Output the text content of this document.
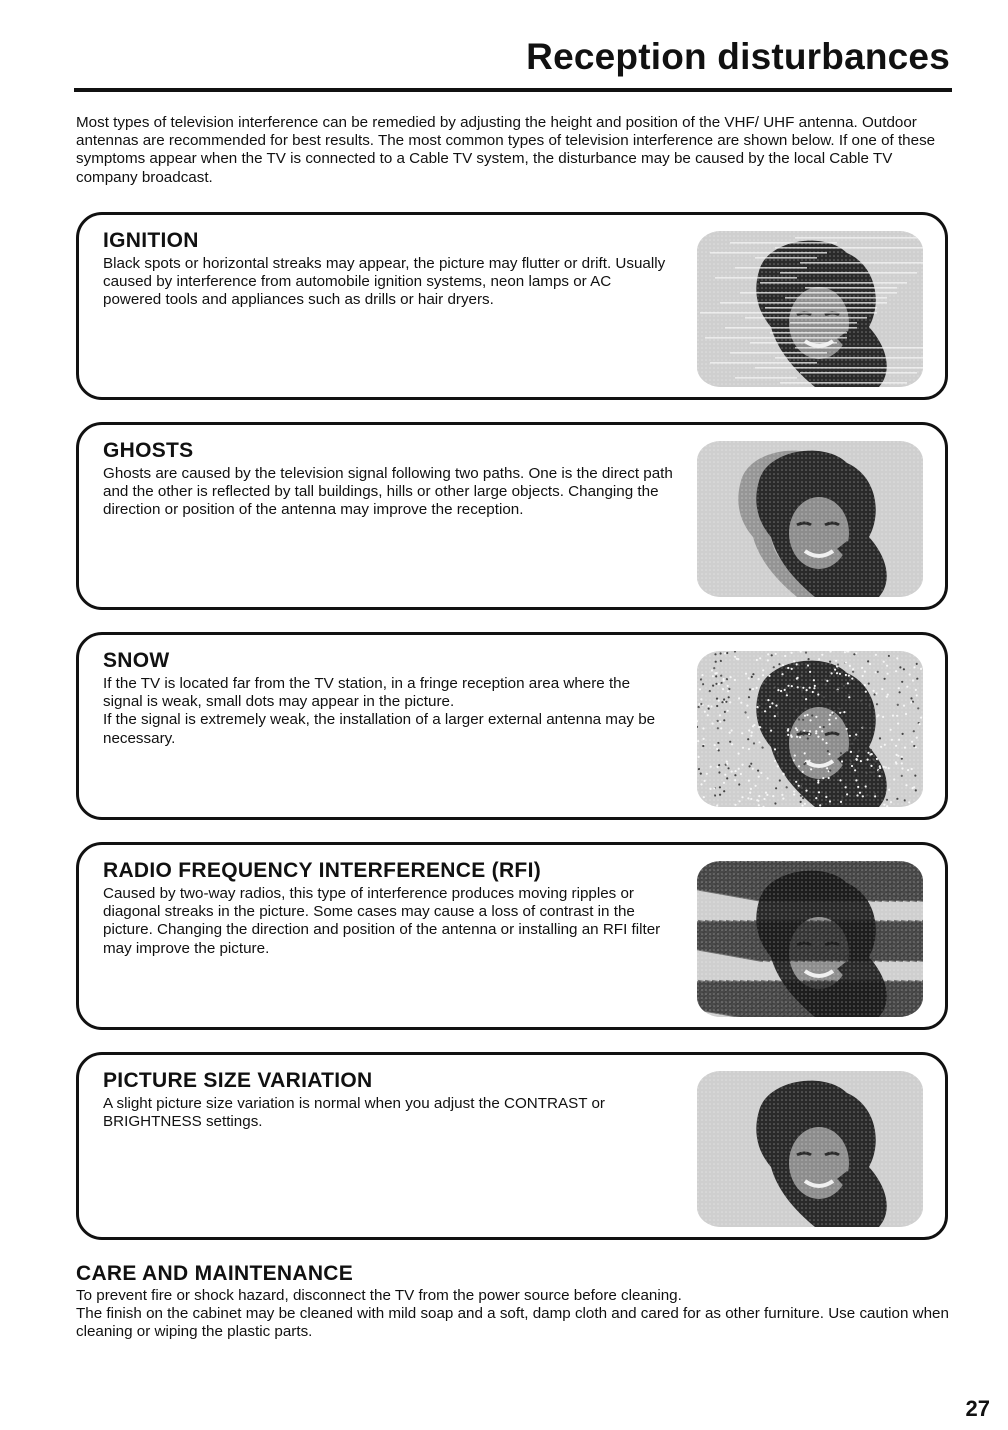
Reception disturbances

Most types of television interference can be remedied by adjusting the height and position of the VHF/ UHF antenna. Outdoor antennas are recommended for best results. The most common types of television interference are shown below. If one of these symptoms appear when the TV is connected to a Cable TV system, the disturbance may be caused by the local Cable TV company broadcast.

IGNITION

Black spots or horizontal streaks may appear, the picture may flutter or drift. Usually caused by interference from automobile ignition systems, neon lamps or AC powered tools and appliances such as drills or hair dryers.

GHOSTS

Ghosts are caused by the television signal following two paths. One is the direct path and the other is reflected by tall buildings, hills or other large objects. Changing the direction or position of the antenna may improve the reception.

SNOW

If the TV is located far from the TV station, in a fringe reception area where the signal is weak, small dots may appear in the picture.
If the signal is extremely weak, the installation of a larger external antenna may be necessary.

RADIO FREQUENCY INTERFERENCE (RFI)

Caused by two-way radios, this type of interference produces moving ripples or diagonal streaks in the picture. Some cases may cause a loss of contrast in the picture. Changing the direction and position of the antenna or installing an RFI filter may improve the picture.

PICTURE SIZE VARIATION

A slight picture size variation is normal when you adjust the CONTRAST or BRIGHTNESS settings.

CARE AND MAINTENANCE

To prevent fire or shock hazard, disconnect the TV from the power source before cleaning.
The finish on the cabinet may be cleaned with mild soap and a soft, damp cloth and cared for as other furniture. Use caution when cleaning or wiping the plastic parts.

27
